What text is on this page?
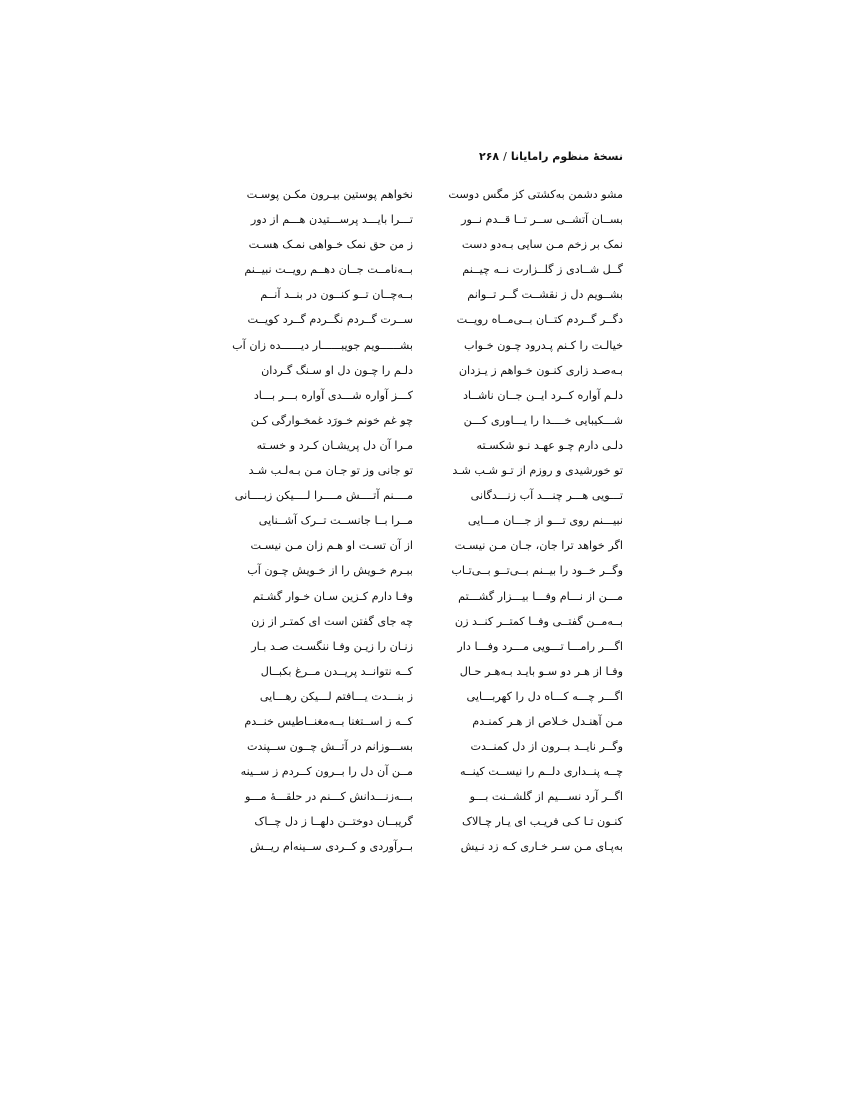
نسخهٔ منظوم رامایانا/۲۶۸
مشو دشمن به‌کشتی کز مگس دوست
بســان آتشــی ســر تــا قــدم نــور
نمک بر زخم مـن سایی بـه‌دو دست
گــل شــادی ز گلــزارت نــه چیــنم
بشــویم دل ز نقشــت گــر تــوانم
دگــر گــردم کتــان بــی‌مــاه رویــت
خیالـت را کـنم پـدرود چـون خـواب
بـه‌صـد زاری کنـون خـواهم ز یـزدان
دلـم آواره کــرد ایــن جــان ناشــاد
شـــکیبایی خــــدا را یـــاوری کـــن
دلـی دارم چـو عهـد نـو شکسـته
تو خورشیدی و روزم از تـو شـب شـد
تـــویی هـــر چنـــد آب زنـــدگانی
نبیـــنم روی تـــو از جـــان مـــایی
اگر خواهد ترا جان، جـان مـن نیسـت
وگــر خــود را بیــنم بــی‌تــو بــی‌تـاب
مـــن از نـــام وفـــا بیـــزار گشـــتم
بــه‌مــن گفتــی وفــا کمتــر کنــد زن
اگـــر رامـــا تـــویی مـــرد وفـــا دار
وفـا از هـر دو سـو بایـد بـه‌هـر حـال
اگـــر چـــه کـــاه دل را کهربـــایی
مـن آهنـدل خـلاص از هـر کمنـدم
وگــر نایــد بــرون از دل کمنــدت
چــه پنــداری دلــم را نیســت کینــه
اگــر آرد نســـیم از گلشــنت بـــو
کنـون تـا کـی فریـب ای یـار چـالاک
به‌پـای مـن سـر خـاری کـه زد نـیش
نخواهم پوستین بیـرون مکـن پوسـت
تـــرا بایـــد پرســـتیدن هـــم از دور
ز من حق نمک خـواهی نمـک هسـت
بــه‌نامــت جــان دهــم رویــت نبیــنم
بــه‌چــان تــو کنــون در بنــد آنــم
ســرت گــردم نگــردم گــرد کویــت
بشــــــویم جویبــــــار دیــــــده زان آب
دلـم را چـون دل او سـنگ گـردان
کـــز آواره شـــدی آواره بـــر بـــاد
چو غم خونم خـورَد غمخـوارگی کـن
مـرا آن دل پریشـان کـرد و خسـته
تو جانی وز تو جـان مـن بـه‌لـب شـد
مــــنم آتــــش مــــرا لــــیکن زبــــانی
مــرا بــا جانســت تــرک آشــنایی
از آن تسـت او هـم زان مـن نیسـت
ببـرم خـویش را از خـویش چـون آب
وفـا دارم کـزین سـان خـوار گشـتم
چه جای گفتن است ای کمتـر از زن
زنـان را زیـن وفـا ننگسـت صـد بـار
کــه نتوانــد پریــدن مــرغ بکبــال
ز بنـــدت یـــافتم لـــیکن رهـــایی
کــه ز اســتغنا بــه‌مغنــاطیس خنــدم
بســـوزانم در آتــش چــون ســپندت
مــن آن دل را بــرون کــردم ز ســینه
بـــه‌زنـــدانش کـــنم در حلقـــهٔ مـــو
گریبــان دوختــن دلهــا ز دل چــاک
بــرآوردی و کــردی ســینه‌ام ریــش
